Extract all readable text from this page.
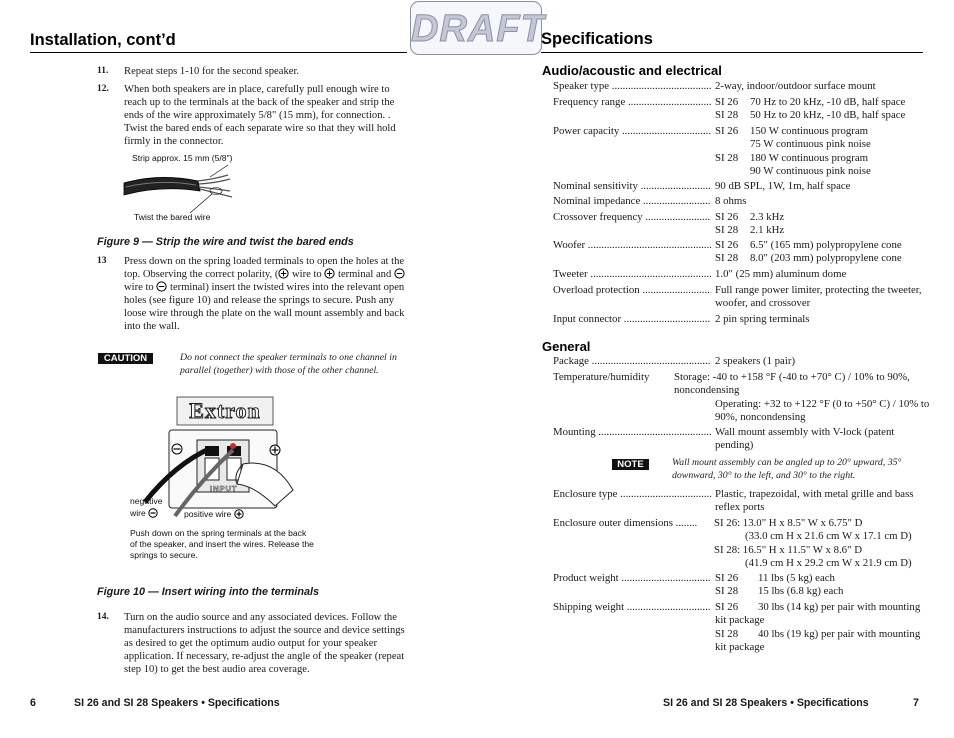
DRAFT
Installation, cont’d
11. Repeat steps 1-10 for the second speaker.
12. When both speakers are in place, carefully pull enough wire to reach up to the terminals at the back of the speaker and strip the ends of the wire approximately 5/8" (15 mm), for connection. . Twist the bared ends of each separate wire so that they will hold firmly in the connector.
Strip approx. 15 mm (5/8")
Twist the bared wire
Figure 9 — Strip the wire and twist the bared ends
13 Press down on the spring loaded terminals to open the holes at the top. Observing the correct polarity, ( wire to  terminal and  wire to  terminal) insert the twisted wires into the relevant open holes (see figure 10) and release the springs to secure. Push any loose wire through the plate on the wall mount assembly and back into the wall.
CAUTION	Do not connect the speaker terminals to one channel in parallel (together) with those of the other channel.
Extron
INPUT
negative wire	positive wire
Push down on the spring terminals at the back of the speaker, and insert the wires. Release the springs to secure.
Figure 10 — Insert wiring into the terminals
14. Turn on the audio source and any associated devices. Follow the manufacturers instructions to adjust the source and device settings as desired to get the optimum audio output for your speaker application. If necessary, re-adjust the angle of the speaker (repeat step 10) to get the best audio area coverage.
6	SI 26 and SI 28 Speakers • Specifications
Specifications
Audio/acoustic and electrical
Speaker type .....	2-way, indoor/outdoor surface mount
Frequency range .....	SI 26 70 Hz to 20 kHz, -10 dB, half space
SI 28 50 Hz to 20 kHz, -10 dB, half space
Power capacity .....	SI 26 150 W continuous program
75 W continuous pink noise
SI 28 180 W continuous program
90 W continuous pink noise
Nominal sensitivity .....	90 dB SPL, 1W, 1m, half space
Nominal impedance .....	8 ohms
Crossover frequency .....	SI 26 2.3 kHz
SI 28 2.1 kHz
Woofer .....	SI 26 6.5" (165 mm) polypropylene cone
SI 28 8.0" (203 mm) polypropylene cone
Tweeter .....	1.0" (25 mm) aluminum dome
Overload protection .....	Full range power limiter, protecting the tweeter, woofer, and crossover
Input connector .....	2 pin spring terminals
General
Package .....	2 speakers (1 pair)
Temperature/humidity Storage: -40 to +158 °F (-40 to +70° C) / 10% to 90%, noncondensing
Operating: +32 to +122 °F (0 to +50° C) / 10% to 90%, noncondensing
Mounting .....	Wall mount assembly with V-lock (patent pending)
NOTE	Wall mount assembly can be angled up to 20° upward, 35° downward, 30° to the left, and 30° to the right.
Enclosure type .....	Plastic, trapezoidal, with metal grille and bass reflex ports
Enclosure outer dimensions ........	SI 26: 13.0" H x 8.5" W x 6.75" D
(33.0 cm H x 21.6 cm W x 17.1 cm D)
SI 28: 16.5" H x 11.5" W x 8.6" D
(41.9 cm H x 29.2 cm W x 21.9 cm D)
Product weight .....	SI 26 11 lbs (5 kg) each
SI 28 15 lbs (6.8 kg) each
Shipping weight .....	SI 26 30 lbs (14 kg) per pair with mounting kit package
SI 28 40 lbs (19 kg) per pair with mounting kit package
SI 26 and SI 28 Speakers • Specifications	7
